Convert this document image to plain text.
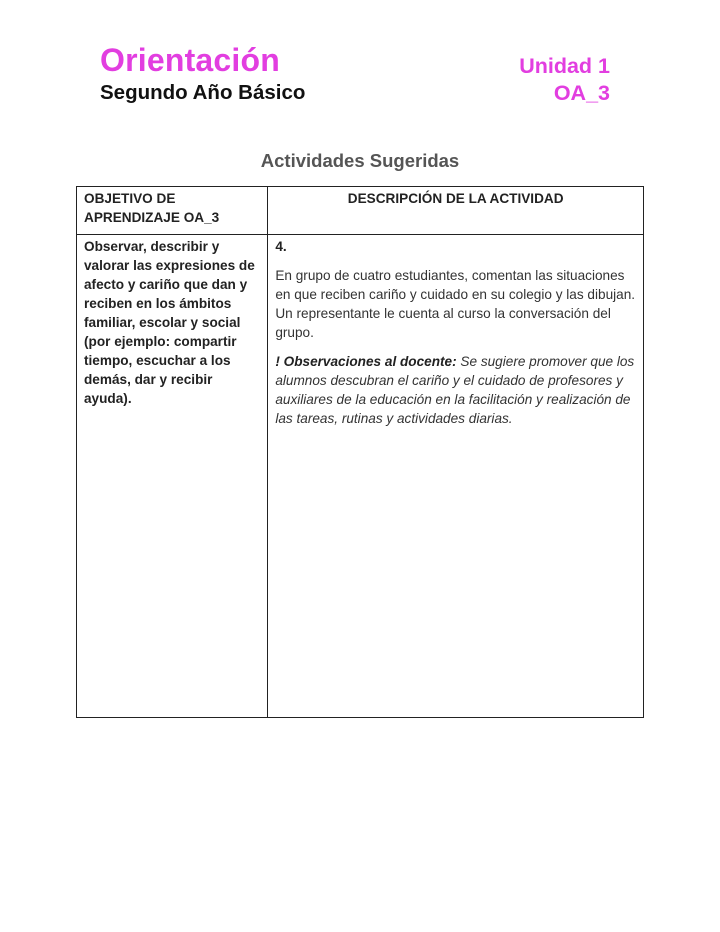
Orientación
Segundo Año Básico
Unidad 1
OA_3
Actividades Sugeridas
OBJETIVO DE APRENDIZAJE OA_3	DESCRIPCIÓN DE LA ACTIVIDAD

Observar, describir y valorar las expresiones de afecto y cariño que dan y reciben en los ámbitos familiar, escolar y social (por ejemplo: compartir tiempo, escuchar a los demás, dar y recibir ayuda).	4.

En grupo de cuatro estudiantes, comentan las situaciones en que reciben cariño y cuidado en su colegio y las dibujan. Un representante le cuenta al curso la conversación del grupo.

! Observaciones al docente: Se sugiere promover que los alumnos descubran el cariño y el cuidado de profesores y auxiliares de la educación en la facilitación y realización de las tareas, rutinas y actividades diarias.
